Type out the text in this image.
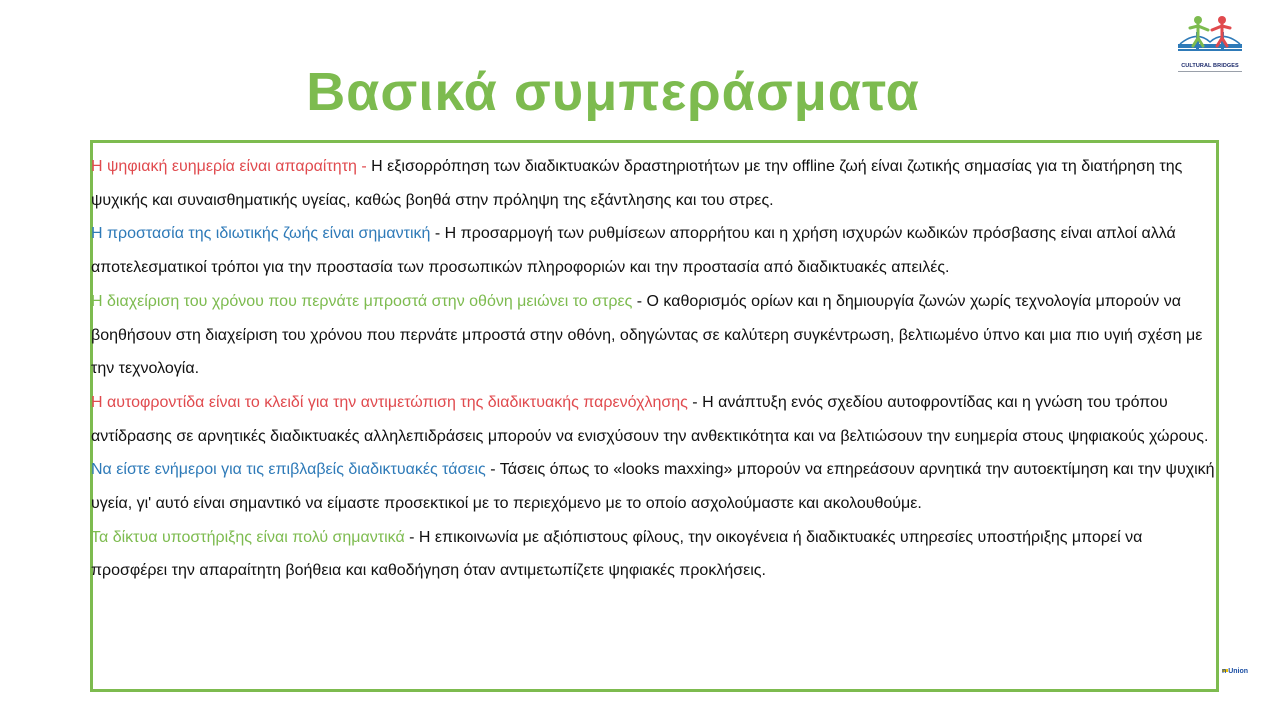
CULTURAL BRIDGES
Βασικά συμπεράσματα

Η ψηφιακή ευημερία είναι απαραίτητη - Η εξισορρόπηση των διαδικτυακών δραστηριοτήτων με την offline ζωή είναι ζωτικής σημασίας για τη διατήρηση της ψυχικής και συναισθηματικής υγείας, καθώς βοηθά στην πρόληψη της εξάντλησης και του στρες.

Η προστασία της ιδιωτικής ζωής είναι σημαντική - Η προσαρμογή των ρυθμίσεων απορρήτου και η χρήση ισχυρών κωδικών πρόσβασης είναι απλοί αλλά αποτελεσματικοί τρόποι για την προστασία των προσωπικών πληροφοριών και την προστασία από διαδικτυακές απειλές.

Η διαχείριση του χρόνου που περνάτε μπροστά στην οθόνη μειώνει το στρες - Ο καθορισμός ορίων και η δημιουργία ζωνών χωρίς τεχνολογία μπορούν να βοηθήσουν στη διαχείριση του χρόνου που περνάτε μπροστά στην οθόνη, οδηγώντας σε καλύτερη συγκέντρωση, βελτιωμένο ύπνο και μια πιο υγιή σχέση με την τεχνολογία.

Η αυτοφροντίδα είναι το κλειδί για την αντιμετώπιση της διαδικτυακής παρενόχλησης - Η ανάπτυξη ενός σχεδίου αυτοφροντίδας και η γνώση του τρόπου αντίδρασης σε αρνητικές διαδικτυακές αλληλεπιδράσεις μπορούν να ενισχύσουν την ανθεκτικότητα και να βελτιώσουν την ευημερία στους ψηφιακούς χώρους.

Να είστε ενήμεροι για τις επιβλαβείς διαδικτυακές τάσεις - Τάσεις όπως το «looks maxxing» μπορούν να επηρεάσουν αρνητικά την αυτοεκτίμηση και την ψυχική υγεία, γι' αυτό είναι σημαντικό να είμαστε προσεκτικοί με το περιεχόμενο με το οποίο ασχολούμαστε και ακολουθούμε.

Τα δίκτυα υποστήριξης είναι πολύ σημαντικά - Η επικοινωνία με αξιόπιστους φίλους, την οικογένεια ή διαδικτυακές υπηρεσίες υποστήριξης μπορεί να προσφέρει την απαραίτητη βοήθεια και καθοδήγηση όταν αντιμετωπίζετε ψηφιακές προκλήσεις.

n Union
